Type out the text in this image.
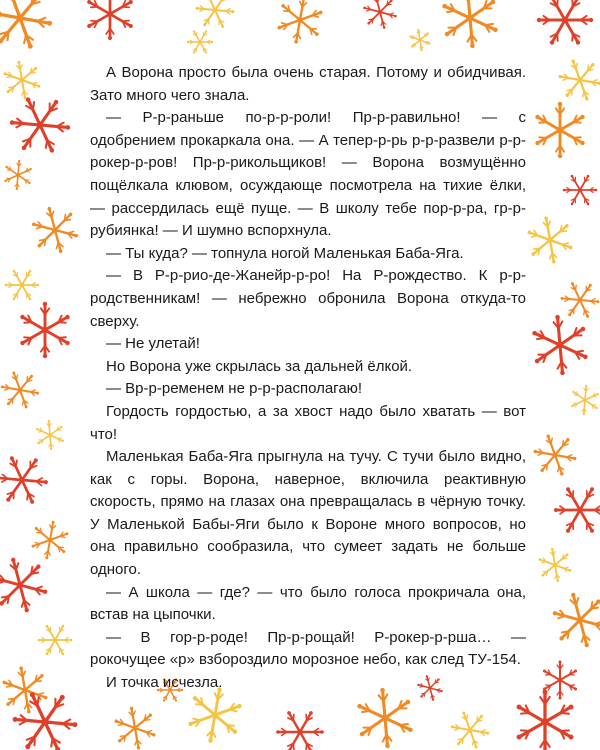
А Ворона просто была очень старая. Потому и обидчивая. Зато много чего знала.

— Р-р-раньше по-р-р-роли! Пр-р-равильно! — с одобрением прокаркала она. — А тепер-р-рь р-р-развели р-р-рокер-р-ров! Пр-р-рикольщиков! — Ворона возмущённо пощёлкала клювом, осуждающе посмотрела на тихие ёлки, — рассердилась ещё пуще. — В школу тебе пор-р-ра, гр-р-рубиянка! — И шумно вспорхнула.

— Ты куда? — топнула ногой Маленькая Баба-Яга.

— В Р-р-рио-де-Жанейр-р-ро! На Р-рождество. К р-р-родственникам! — небрежно обронила Ворона откуда-то сверху.

— Не улетай!

Но Ворона уже скрылась за дальней ёлкой.

— Вр-р-ременем не р-р-располагаю!

Гордость гордостью, а за хвост надо было хватать — вот что!

Маленькая Баба-Яга прыгнула на тучу. С тучи было видно, как с горы. Ворона, наверное, включила реактивную скорость, прямо на глазах она превращалась в чёрную точку. У Маленькой Бабы-Яги было к Вороне много вопросов, но она правильно сообразила, что сумеет задать не больше одного.

— А школа — где? — что было голоса прокричала она, встав на цыпочки.

— В гор-р-роде! Пр-р-рощай! Р-рокер-р-рша… — рокочущее «р» взбороздило морозное небо, как след ТУ-154.

И точка исчезла.
